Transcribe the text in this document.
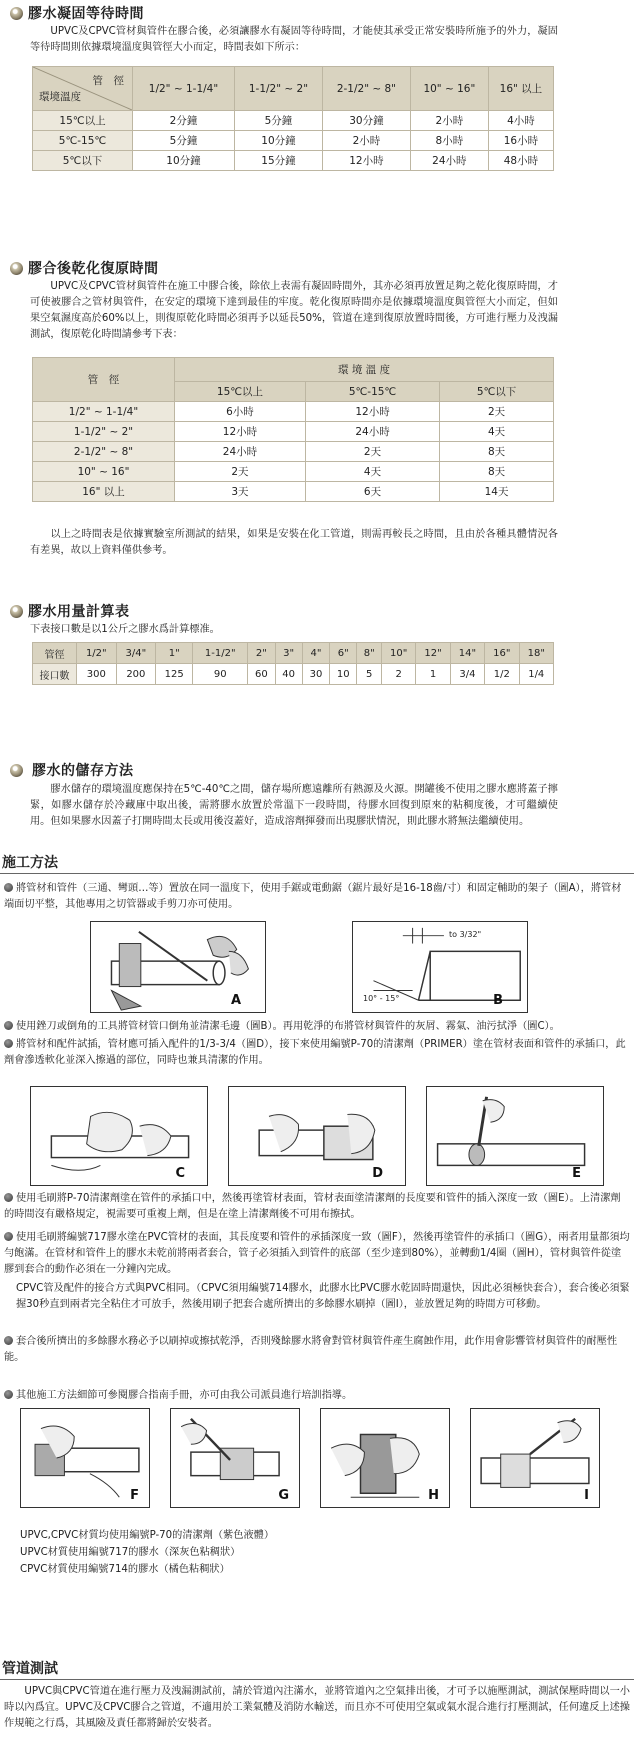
膠水凝固等待時間

UPVC及CPVC管材與管件在膠合後，必須讓膠水有凝固等待時間，才能使其承受正常安裝時所施予的外力，凝固等待時間則依據環境溫度與管徑大小而定，時間表如下所示：

管　徑
環境溫度	1/2" ~ 1-1/4"	1-1/2" ~ 2"	2-1/2" ~ 8"	10" ~ 16"	16" 以上
15℃以上	2分鐘	5分鐘	30分鐘	2小時	4小時
5℃-15℃	5分鐘	10分鐘	2小時	8小時	16小時
5℃以下	10分鐘	15分鐘	12小時	24小時	48小時
膠合後乾化復原時間

UPVC及CPVC管材與管件在施工中膠合後，除依上表需有凝固時間外，其亦必須再放置足夠之乾化復原時間，才可使被膠合之管材與管件，在安定的環境下達到最佳的牢度。乾化復原時間亦是依據環境溫度與管徑大小而定，但如果空氣濕度高於60%以上，則復原乾化時間必須再予以延長50%，管道在達到復原放置時間後，方可進行壓力及洩漏測試，復原乾化時間請參考下表：

管　徑	環 境 溫 度		
	15℃以上	5℃-15℃	5℃以下
1/2" ~ 1-1/4"	6小時	12小時	2天
1-1/2" ~ 2"	12小時	24小時	4天
2-1/2" ~ 8"	24小時	2天	8天
10" ~ 16"	2天	4天	8天
16" 以上	3天	6天	14天

以上之時間表是依據實驗室所測試的結果，如果是安裝在化工管道，則需再較長之時間，且由於各種具體情況各有差異，故以上資料僅供參考。

膠水用量計算表
下表接口數是以1公斤之膠水爲計算標准。
管徑	1/2"	3/4"	1"	1-1/2"	2"	3"	4"	6"	8"	10"	12"	14"	16"	18"
接口數	300	200	125	90	60	40	30	10	5	2	1	3/4	1/2	1/4
膠水的儲存方法

膠水儲存的環境溫度應保持在5℃-40℃之間，儲存場所應遠離所有熱源及火源。開罐後不使用之膠水應將蓋子擰緊，如膠水儲存於冷藏庫中取出後，需將膠水放置於常溫下一段時間，待膠水回復到原來的粘稠度後，才可繼續使用。但如果膠水因蓋子打開時間太長或用後沒蓋好，造成溶劑揮發而出現膠狀情況，則此膠水將無法繼續使用。

施工方法
將管材和管件（三通、彎頭…等）置放在同一溫度下，使用手鋸或電動鋸（鋸片最好是16-18齒/寸）和固定輔助的架子（圖A），將管材端面切平整，其他專用之切管器或手剪刀亦可使用。
A
to 3/32"
10° - 15°	B
使用銼刀或倒角的工具將管材管口倒角並清潔毛邊（圖B）。再用乾淨的布將管材與管件的灰屑、霧氣、油污拭淨（圖C）。
將管材和配件試插，管材應可插入配件的1/3-3/4（圖D），接下來使用編號P-70的清潔劑（PRIMER）塗在管材表面和管件的承插口，此劑會滲透軟化並深入擦過的部位，同時也兼具清潔的作用。
C	D	E
使用毛刷將P-70清潔劑塗在管件的承插口中，然後再塗管材表面，管材表面塗清潔劑的長度要和管件的插入深度一致（圖E）。上清潔劑的時間沒有嚴格規定，視需要可重複上劑，但是在塗上清潔劑後不可用布擦拭。
使用毛刷將編號717膠水塗在PVC管材的表面，其長度要和管件的承插深度一致（圖F），然後再塗管件的承插口（圖G），兩者用量都須均勻飽滿。在管材和管件上的膠水未乾前將兩者套合，管子必須插入到管件的底部（至少達到80%），並轉動1/4圈（圖H），管材與管件從塗膠到套合的動作必須在一分鐘內完成。
CPVC管及配件的接合方式與PVC相同。（CPVC須用編號714膠水，此膠水比PVC膠水乾固時間還快，因此必須極快套合），套合後必須緊握30秒直到兩者完全粘住才可放手，然後用刷子把套合處所擠出的多餘膠水刷掉（圖I），並放置足夠的時間方可移動。
套合後所擠出的多餘膠水務必予以刷掉或擦拭乾淨，否則殘餘膠水將會對管材與管件產生腐蝕作用，此作用會影響管材與管件的耐壓性能。
其他施工方法細節可參閱膠合指南手冊，亦可由我公司派員進行培訓指導。
F	G	H	I
UPVC,CPVC材質均使用編號P-70的清潔劑（紫色液體）
UPVC材質使用編號717的膠水（深灰色粘稠狀）
CPVC材質使用編號714的膠水（橘色粘稠狀）
管道測試

UPVC與CPVC管道在進行壓力及洩漏測試前，請於管道內注滿水，並將管道內之空氣排出後，才可予以施壓測試，測試保壓時間以一小時以內爲宜。UPVC及CPVC膠合之管道，不適用於工業氣體及消防水輸送，而且亦不可使用空氣或氣水混合進行打壓測試，任何違反上述操作規範之行爲，其風險及責任都將歸於安裝者。
